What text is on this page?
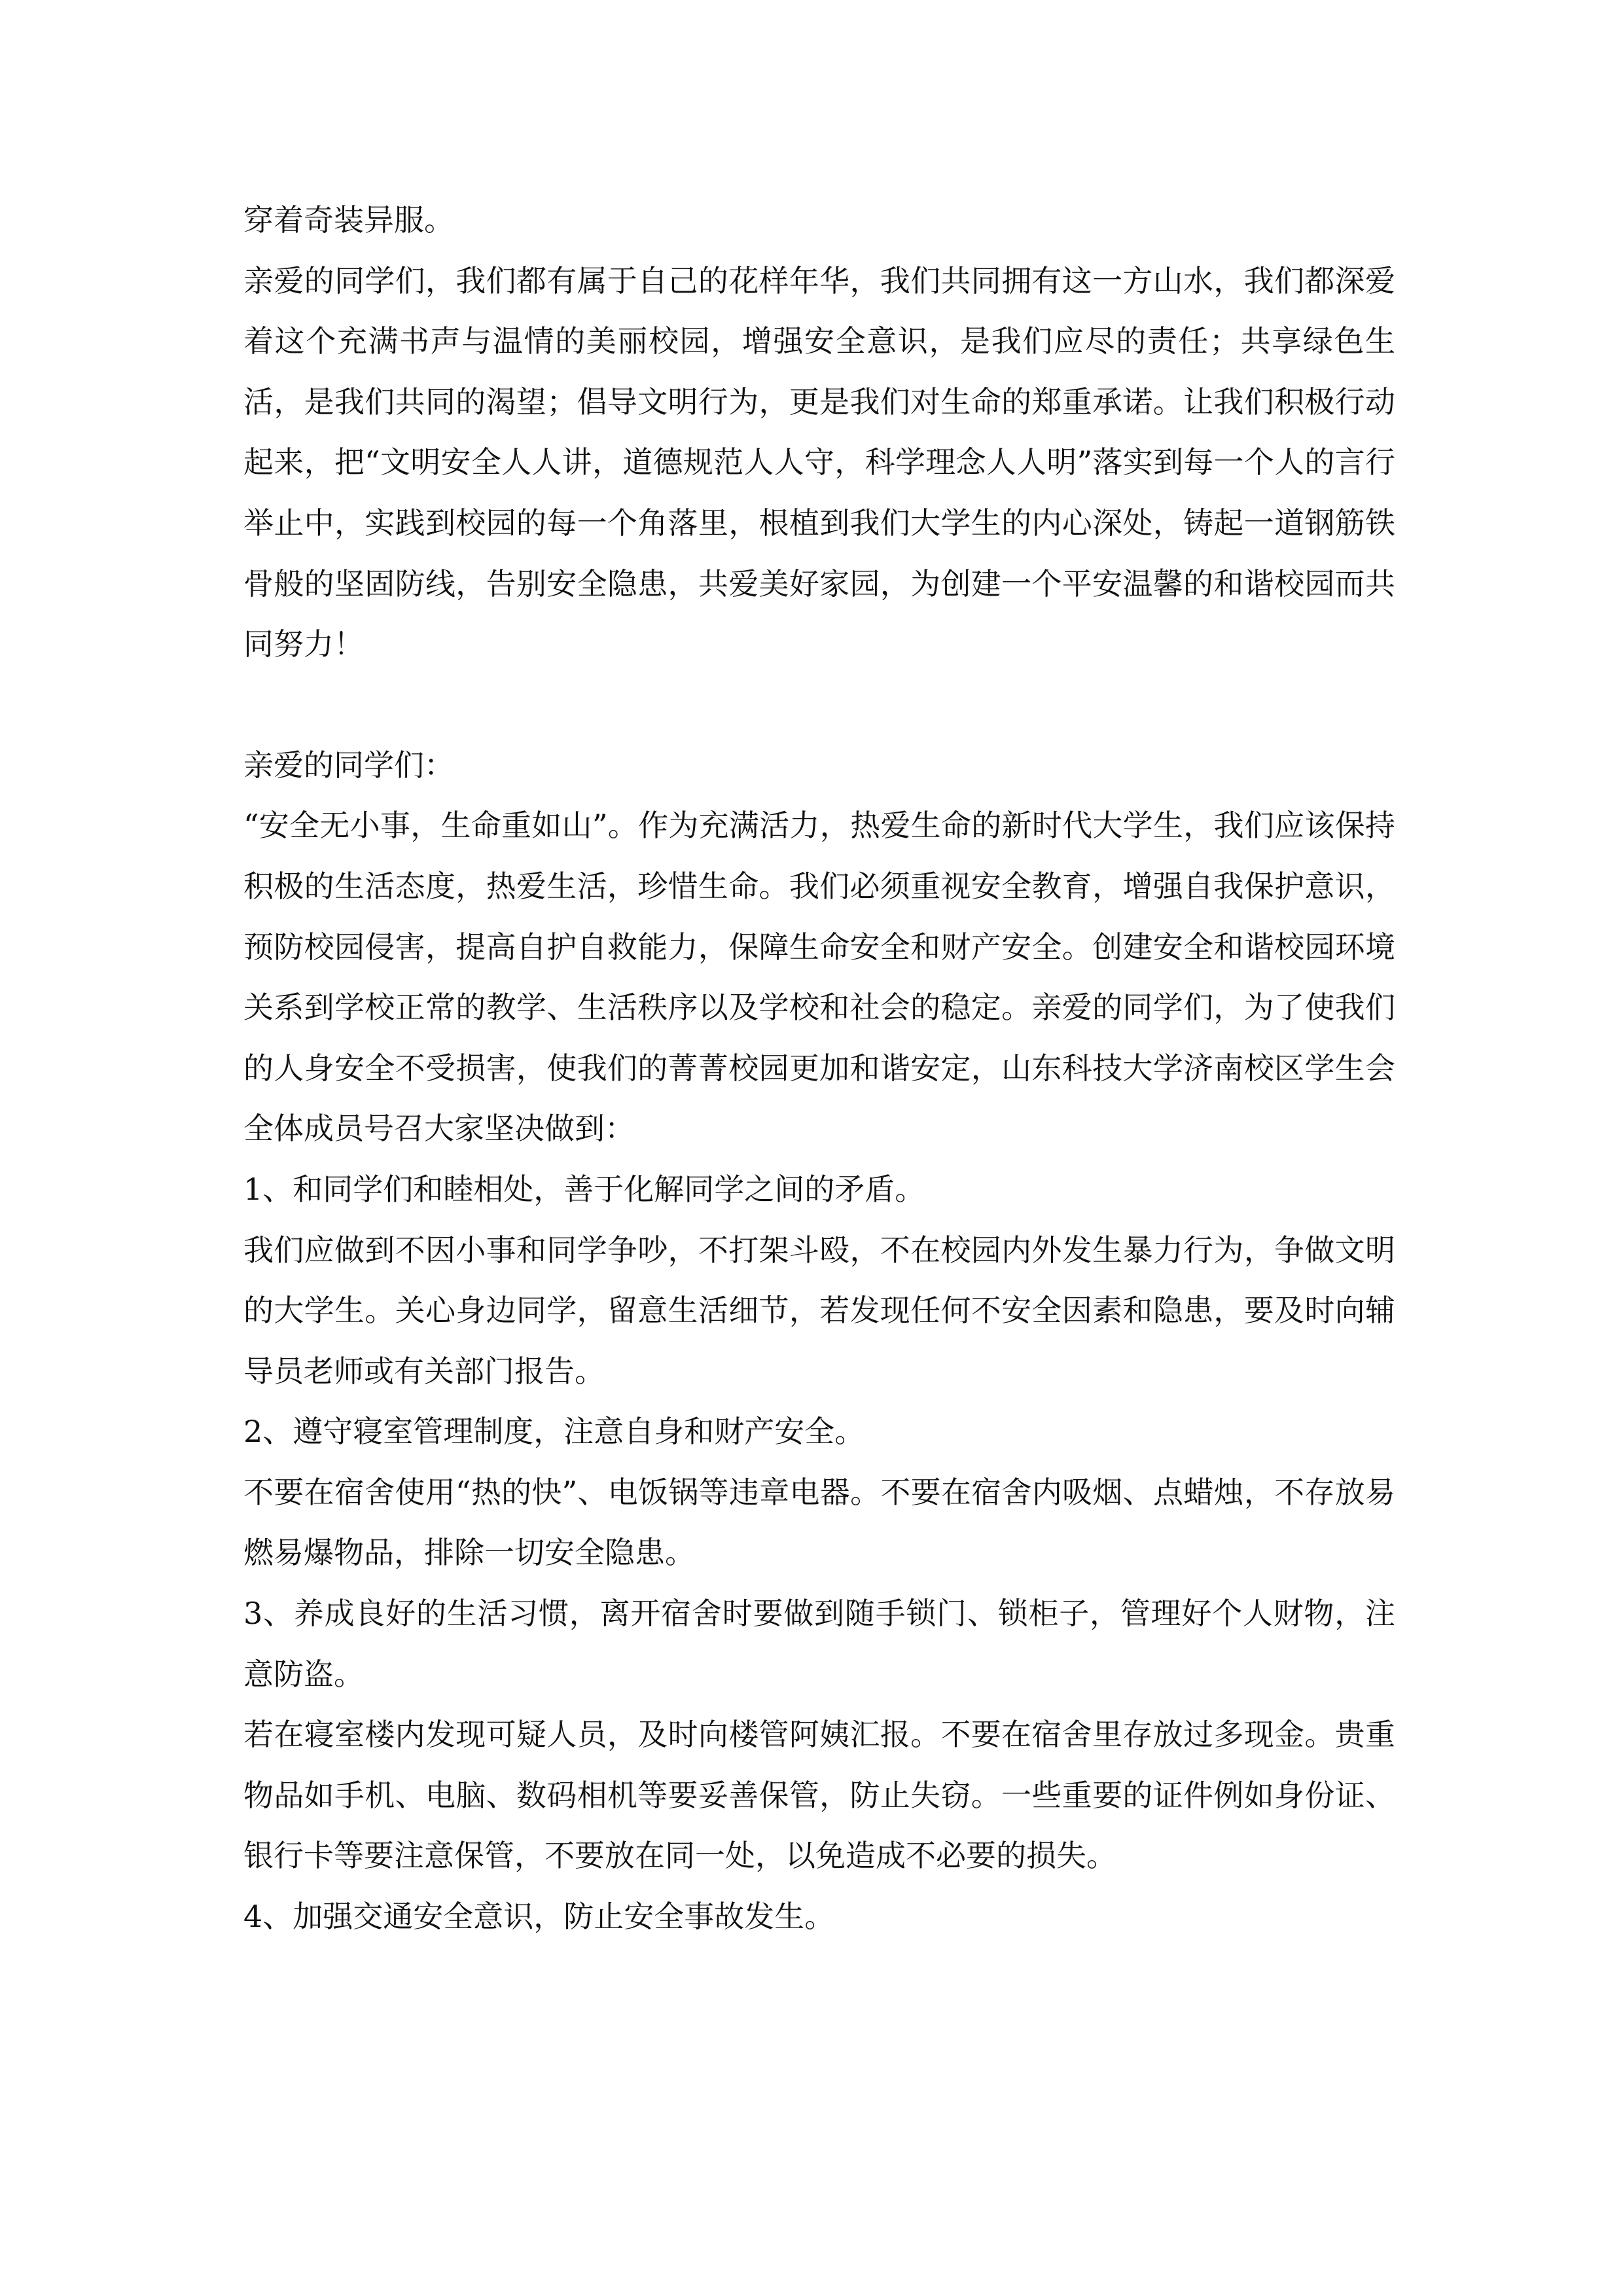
穿着奇装异服。

亲爱的同学们，我们都有属于自己的花样年华，我们共同拥有这一方山水，我们都深爱着这个充满书声与温情的美丽校园，增强安全意识，是我们应尽的责任；共享绿色生活，是我们共同的渴望；倡导文明行为，更是我们对生命的郑重承诺。让我们积极行动起来，把“文明安全人人讲，道德规范人人守，科学理念人人明”落实到每一个人的言行举止中，实践到校园的每一个角落里，根植到我们大学生的内心深处，铸起一道钢筋铁骨般的坚固防线，告别安全隐患，共爱美好家园，为创建一个平安温馨的和谐校园而共同努力！

亲爱的同学们：

“安全无小事，生命重如山”。作为充满活力，热爱生命的新时代大学生，我们应该保持积极的生活态度，热爱生活，珍惜生命。我们必须重视安全教育，增强自我保护意识，预防校园侵害，提高自护自救能力，保障生命安全和财产安全。创建安全和谐校园环境关系到学校正常的教学、生活秩序以及学校和社会的稳定。亲爱的同学们，为了使我们的人身安全不受损害，使我们的菁菁校园更加和谐安定，山东科技大学济南校区学生会全体成员号召大家坚决做到：

1、和同学们和睦相处，善于化解同学之间的矛盾。

我们应做到不因小事和同学争吵，不打架斗殴，不在校园内外发生暴力行为，争做文明的大学生。关心身边同学，留意生活细节，若发现任何不安全因素和隐患，要及时向辅导员老师或有关部门报告。

2、遵守寝室管理制度，注意自身和财产安全。

不要在宿舍使用“热的快”、电饭锅等违章电器。不要在宿舍内吸烟、点蜡烛，不存放易燃易爆物品，排除一切安全隐患。

3、养成良好的生活习惯，离开宿舍时要做到随手锁门、锁柜子，管理好个人财物，注意防盗。

若在寝室楼内发现可疑人员，及时向楼管阿姨汇报。不要在宿舍里存放过多现金。贵重物品如手机、电脑、数码相机等要妥善保管，防止失窃。一些重要的证件例如身份证、银行卡等要注意保管，不要放在同一处，以免造成不必要的损失。

4、加强交通安全意识，防止安全事故发生。
